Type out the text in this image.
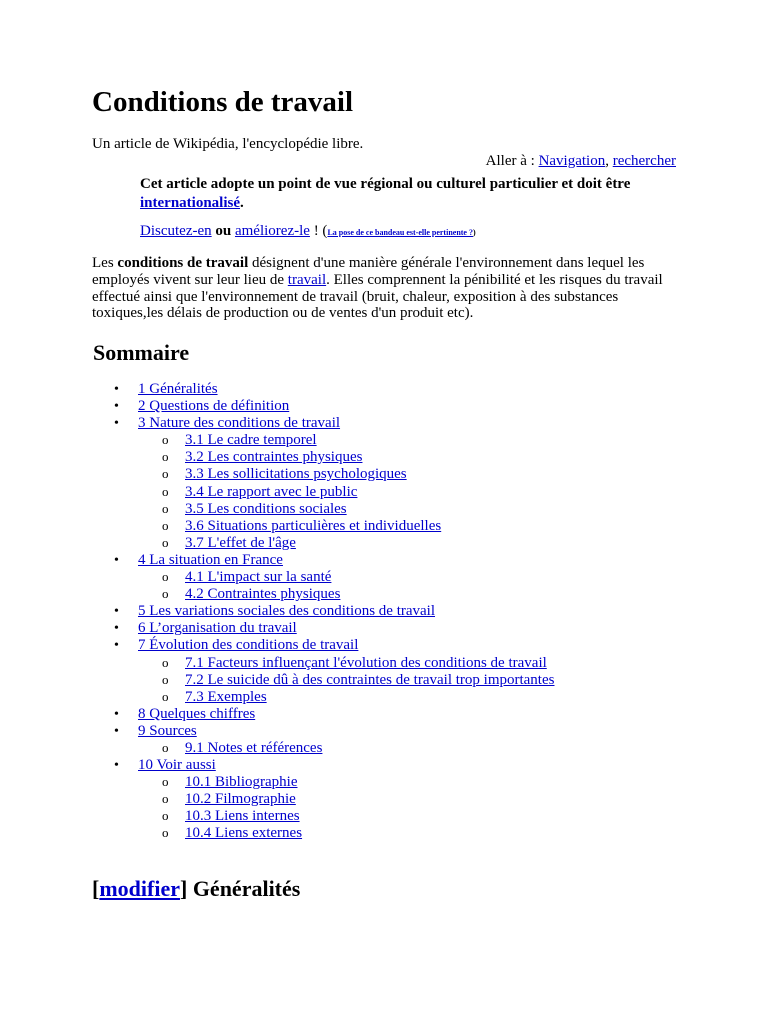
Conditions de travail

Un article de Wikipédia, l'encyclopédie libre.

Aller à : Navigation, rechercher
Cet article adopte un point de vue régional ou culturel particulier et doit être internationalisé.
Discutez-en ou améliorez-le ! (La pose de ce bandeau est-elle pertinente ?)

Les conditions de travail désignent d'une manière générale l'environnement dans lequel les employés vivent sur leur lieu de travail. Elles comprennent la pénibilité et les risques du travail effectué ainsi que l'environnement de travail (bruit, chaleur, exposition à des substances toxiques,les délais de production ou de ventes d'un produit etc).

Sommaire
• 1 Généralités
• 2 Questions de définition
• 3 Nature des conditions de travail
o 3.1 Le cadre temporel
o 3.2 Les contraintes physiques
o 3.3 Les sollicitations psychologiques
o 3.4 Le rapport avec le public
o 3.5 Les conditions sociales
o 3.6 Situations particulières et individuelles
o 3.7 L'effet de l'âge
• 4 La situation en France
o 4.1 L'impact sur la santé
o 4.2 Contraintes physiques
• 5 Les variations sociales des conditions de travail
• 6 L’organisation du travail
• 7 Évolution des conditions de travail
o 7.1 Facteurs influençant l'évolution des conditions de travail
o 7.2 Le suicide dû à des contraintes de travail trop importantes
o 7.3 Exemples
• 8 Quelques chiffres
• 9 Sources
o 9.1 Notes et références
• 10 Voir aussi
o 10.1 Bibliographie
o 10.2 Filmographie
o 10.3 Liens internes
o 10.4 Liens externes
[modifier] Généralités
